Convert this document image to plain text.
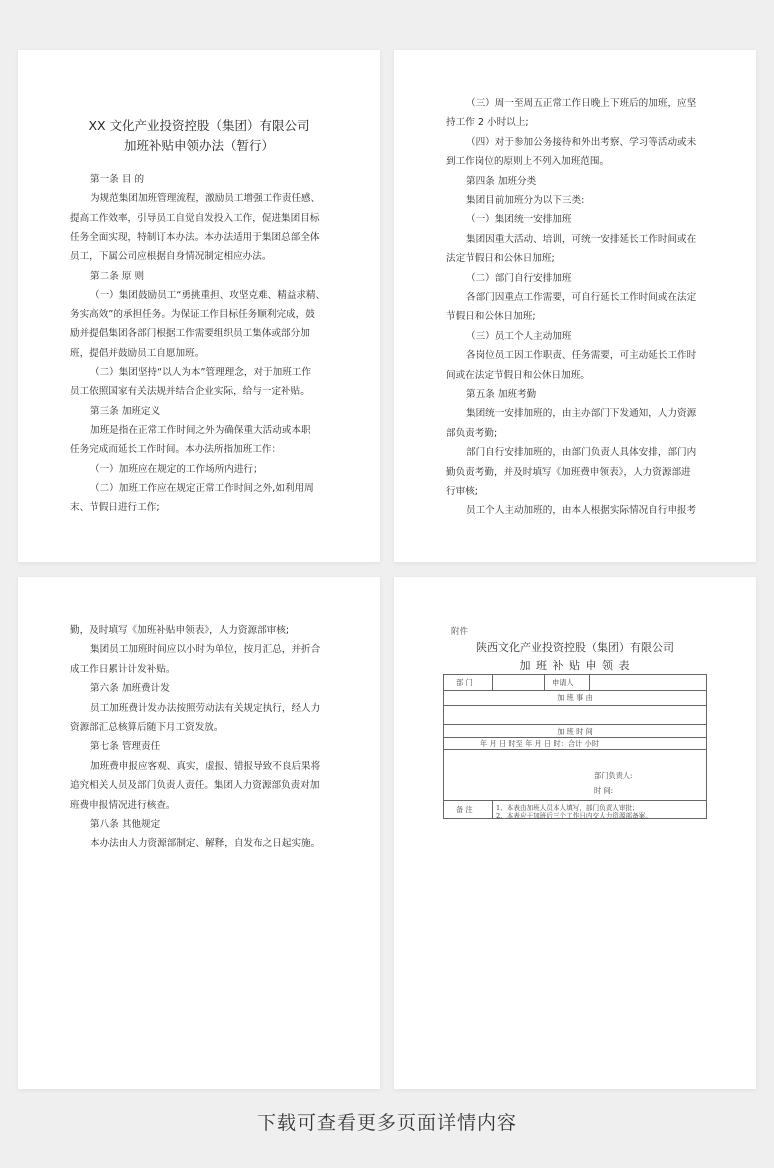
XX 文化产业投资控股（集团）有限公司
加班补贴申领办法（暂行）
第一条 目 的
为规范集团加班管理流程，激励员工增强工作责任感、
提高工作效率，引导员工自觉自发投入工作，促进集团目标
任务全面实现，特制订本办法。本办法适用于集团总部全体
员工，下属公司应根据自身情况制定相应办法。
第二条 原 则
（一）集团鼓励员工“勇挑重担、攻坚克难、精益求精、
务实高效”的承担任务。为保证工作目标任务顺利完成，鼓
励并提倡集团各部门根据工作需要组织员工集体或部分加
班，提倡并鼓励员工自愿加班。
（二）集团坚持“以人为本”管理理念，对于加班工作
员工依照国家有关法规并结合企业实际，给与一定补贴。
第三条 加班定义
加班是指在正常工作时间之外为确保重大活动或本职
任务完成而延长工作时间。本办法所指加班工作：
（一）加班应在规定的工作场所内进行；
（二）加班工作应在规定正常工作时间之外,如利用周
末、节假日进行工作;
（三）周一至周五正常工作日晚上下班后的加班，应坚
持工作 2 小时以上;
（四）对于参加公务接待和外出考察、学习等活动或未
到工作岗位的原则上不列入加班范围。
第四条 加班分类
集团目前加班分为以下三类:
（一）集团统一安排加班
集团因重大活动、培训，可统一安排延长工作时间或在
法定节假日和公休日加班;
（二）部门自行安排加班
各部门因重点工作需要，可自行延长工作时间或在法定
节假日和公休日加班;
（三）员工个人主动加班
各岗位员工因工作职责、任务需要，可主动延长工作时
间或在法定节假日和公休日加班。
第五条 加班考勤
集团统一安排加班的，由主办部门下发通知，人力资源
部负责考勤;
部门自行安排加班的，由部门负责人具体安排，部门内
勤负责考勤，并及时填写《加班费申领表》，人力资源部进
行审核;
员工个人主动加班的，由本人根据实际情况自行申报考
勤，及时填写《加班补贴申领表》，人力资源部审核;
集团员工加班时间应以小时为单位，按月汇总，并折合
成工作日累计计发补贴。
第六条 加班费计发
员工加班费计发办法按照劳动法有关规定执行，经人力
资源部汇总核算后随下月工资发放。
第七条 管理责任
加班费申报应客观、真实，虚报、错报导致不良后果将
追究相关人员及部门负责人责任。集团人力资源部负责对加
班费申报情况进行核查。
第八条 其他规定
本办法由人力资源部制定、解释，自发布之日起实施。
附件
陕西文化产业投资控股（集团）有限公司
加 班 补 贴 申 领 表
部 门	申请人
加 班 事 由
加 班 时 间
年 月 日 时至 年 月 日 时：合计 小时
部门负责人:
时 间:
备 注	1、本表由加班人员本人填写，部门负责人审批；
2、本表应于加班后三个工作日内交人力资源部备案。
下载可查看更多页面详情内容
